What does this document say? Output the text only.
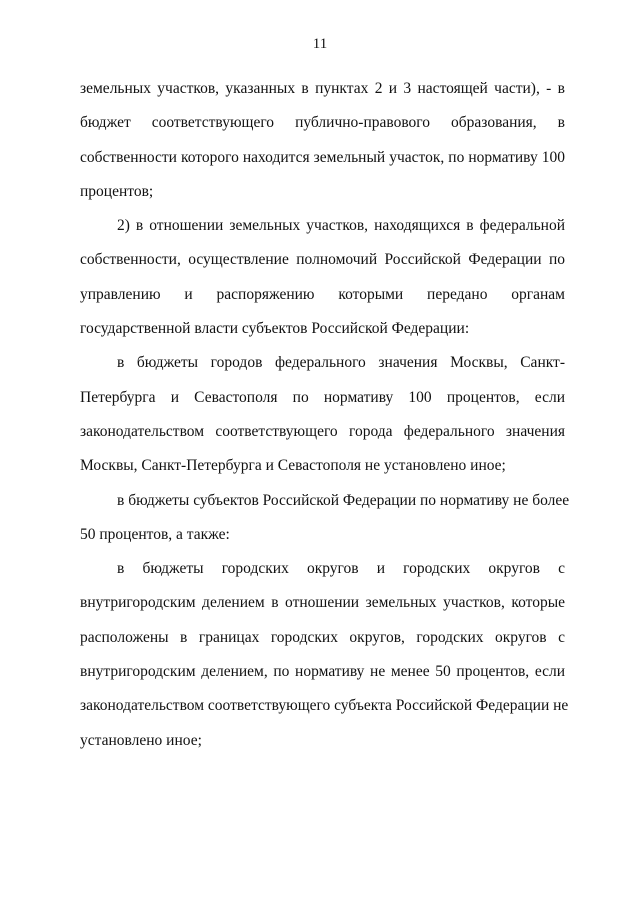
11
земельных участков, указанных в пунктах 2 и 3 настоящей части), - в
бюджет соответствующего публично-правового образования, в
собственности которого находится земельный участок, по нормативу 100
процентов;
2) в отношении земельных участков, находящихся в федеральной
собственности, осуществление полномочий Российской Федерации по
управлению и распоряжению которыми передано органам
государственной власти субъектов Российской Федерации:
в бюджеты городов федерального значения Москвы, Санкт-
Петербурга и Севастополя по нормативу 100 процентов, если
законодательством соответствующего города федерального значения
Москвы, Санкт-Петербурга и Севастополя не установлено иное;
в бюджеты субъектов Российской Федерации по нормативу не более
50 процентов, а также:
в бюджеты городских округов и городских округов с
внутригородским делением в отношении земельных участков, которые
расположены в границах городских округов, городских округов с
внутригородским делением, по нормативу не менее 50 процентов, если
законодательством соответствующего субъекта Российской Федерации не
установлено иное;
